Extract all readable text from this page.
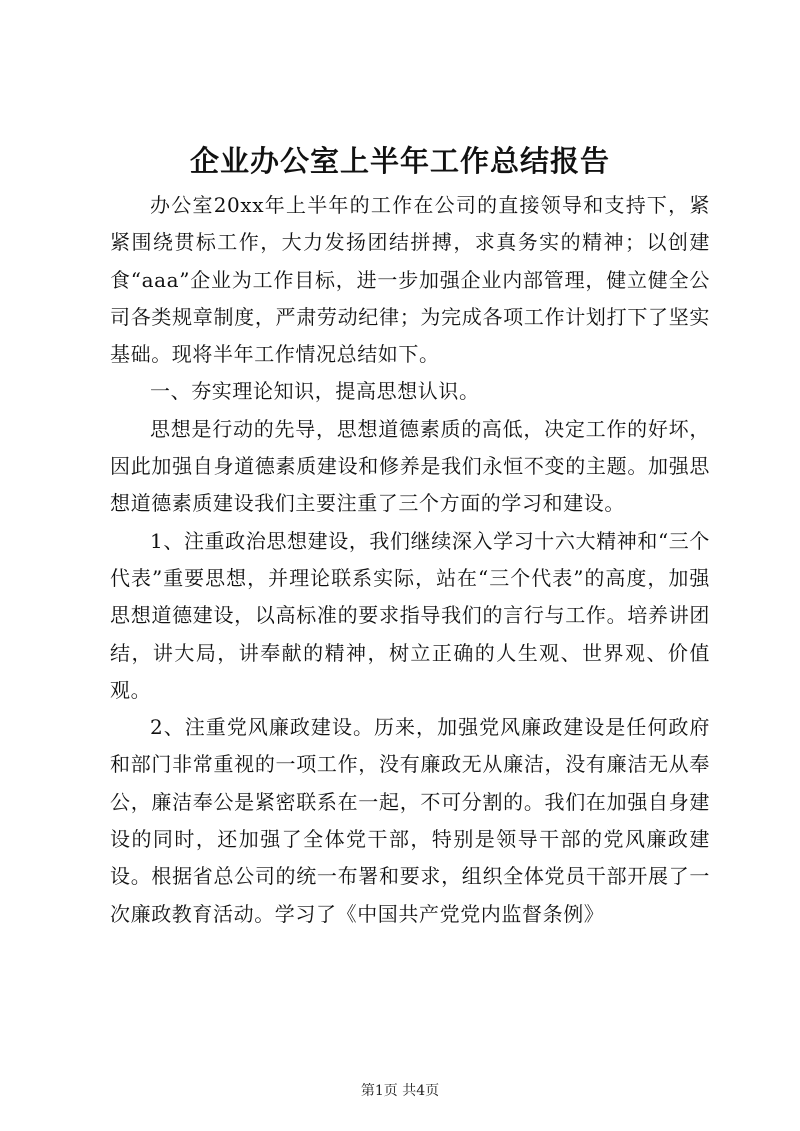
企业办公室上半年工作总结报告

办公室20xx年上半年的工作在公司的直接领导和支持下，紧紧围绕贯标工作，大力发扬团结拼搏，求真务实的精神；以创建食“aaa”企业为工作目标，进一步加强企业内部管理，健立健全公司各类规章制度，严肃劳动纪律；为完成各项工作计划打下了坚实基础。现将半年工作情况总结如下。

一、夯实理论知识，提高思想认识。

思想是行动的先导，思想道德素质的高低，决定工作的好坏，因此加强自身道德素质建设和修养是我们永恒不变的主题。加强思想道德素质建设我们主要注重了三个方面的学习和建设。

1、注重政治思想建设，我们继续深入学习十六大精神和“三个代表”重要思想，并理论联系实际，站在“三个代表”的高度，加强思想道德建设，以高标准的要求指导我们的言行与工作。培养讲团结，讲大局，讲奉献的精神，树立正确的人生观、世界观、价值观。

2、注重党风廉政建设。历来，加强党风廉政建设是任何政府和部门非常重视的一项工作，没有廉政无从廉洁，没有廉洁无从奉公，廉洁奉公是紧密联系在一起，不可分割的。我们在加强自身建设的同时，还加强了全体党干部，特别是领导干部的党风廉政建设。根据省总公司的统一布署和要求，组织全体党员干部开展了一次廉政教育活动。学习了《中国共产党党内监督条例》

第1页 共4页
